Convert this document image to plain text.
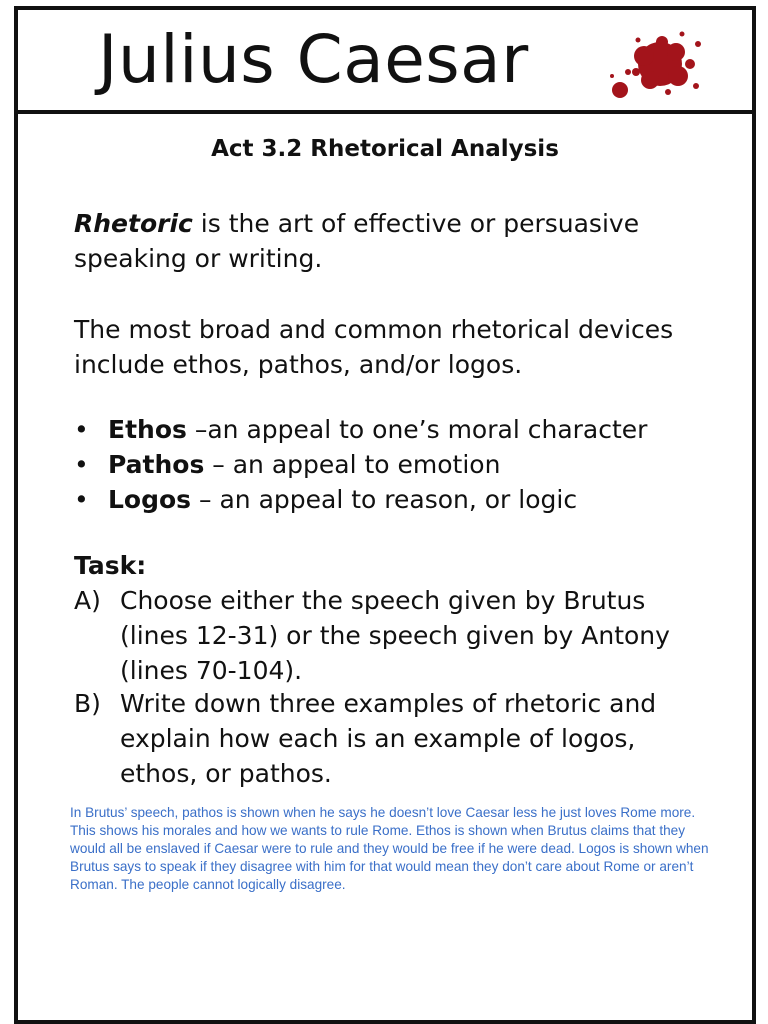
Julius Caesar
Act 3.2 Rhetorical Analysis
Rhetoric is the art of effective or persuasive speaking or writing.
The most broad and common rhetorical devices include ethos, pathos, and/or logos.
• Ethos –an appeal to one’s moral character
• Pathos – an appeal to emotion
• Logos – an appeal to reason, or logic
Task:
A) Choose either the speech given by Brutus (lines 12-31) or the speech given by Antony (lines 70-104).
B) Write down three examples of rhetoric and explain how each is an example of logos, ethos, or pathos.
In Brutus’ speech, pathos is shown when he says he doesn’t love Caesar less he just loves Rome more. This shows his morales and how we wants to rule Rome. Ethos is shown when Brutus claims that they would all be enslaved if Caesar were to rule and they would be free if he were dead. Logos is shown when Brutus says to speak if they disagree with him for that would mean they don’t care about Rome or aren’t Roman. The people cannot logically disagree.
